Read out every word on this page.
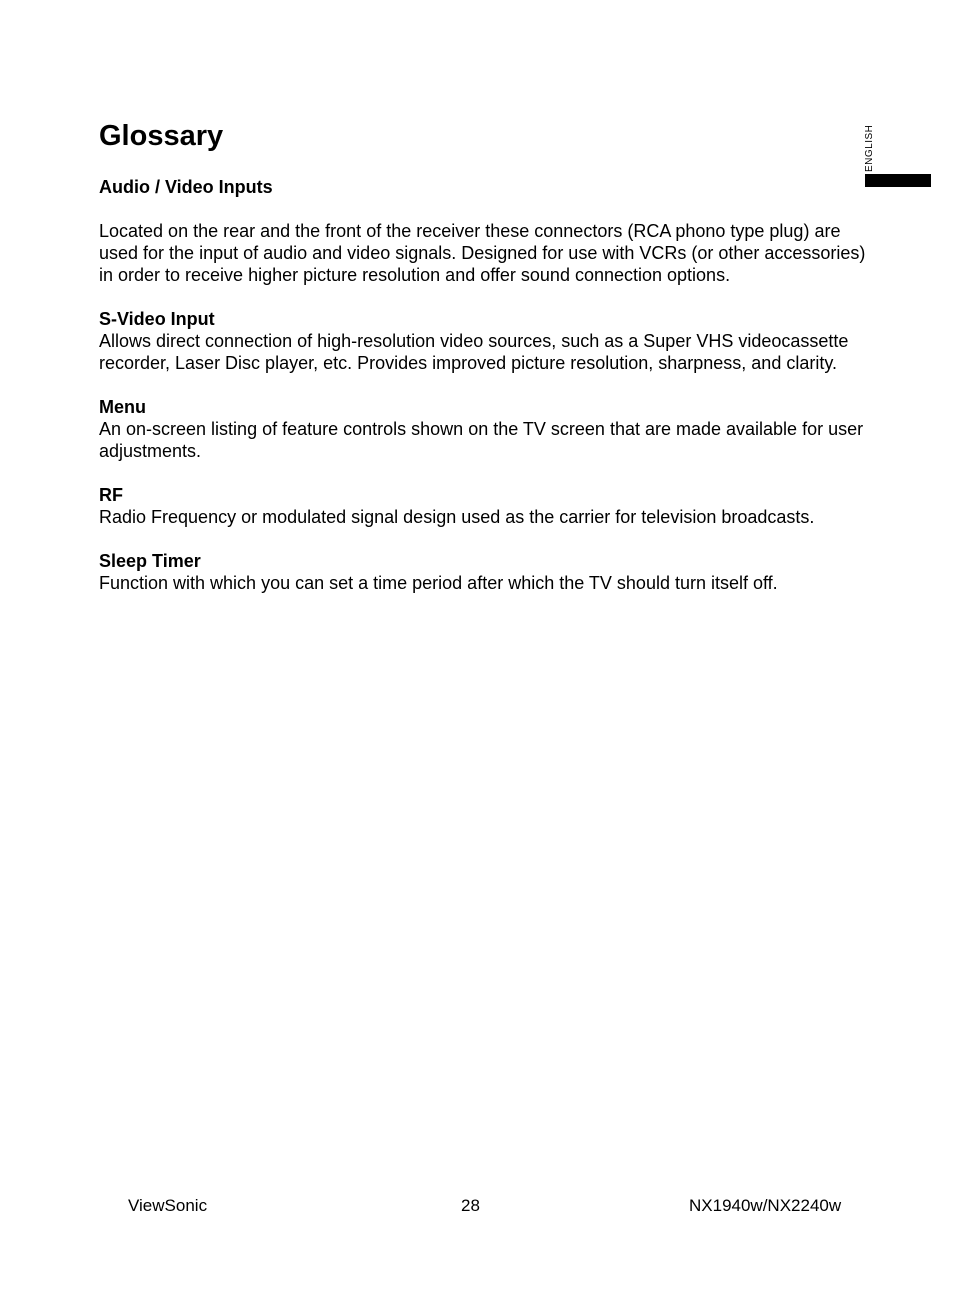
Glossary	ENGLISH

Audio / Video Inputs

Located on the rear and the front of the receiver these connectors (RCA phono type plug) are used for the input of audio and video signals. Designed for use with VCRs (or other accessories) in order to receive higher picture resolution and offer sound connection options.

S-Video Input

Allows direct connection of high-resolution video sources, such as a Super VHS videocassette recorder, Laser Disc player, etc. Provides improved picture resolution, sharpness, and clarity.

Menu

An on-screen listing of feature controls shown on the TV screen that are made available for user adjustments.

RF

Radio Frequency or modulated signal design used as the carrier for television broadcasts.

Sleep Timer

Function with which you can set a time period after which the TV should turn itself off.

ViewSonic	28	NX1940w/NX2240w
